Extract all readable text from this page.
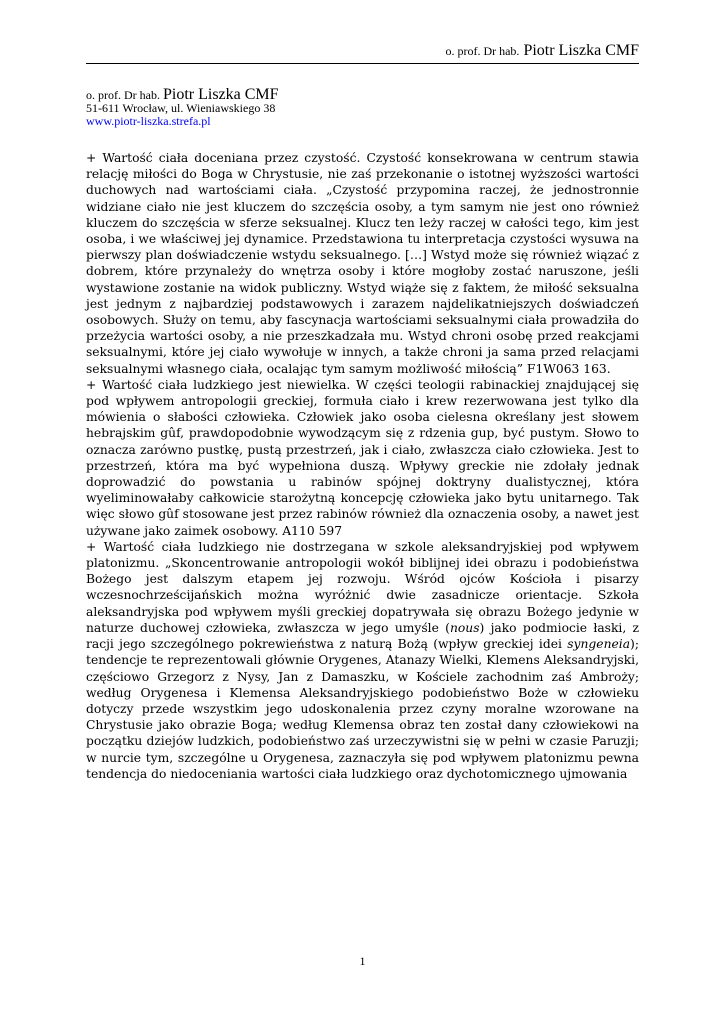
o. prof. Dr hab. Piotr Liszka CMF
o. prof. Dr hab. Piotr Liszka CMF
51-611 Wrocław, ul. Wieniawskiego 38
www.piotr-liszka.strefa.pl

+ Wartość ciała doceniana przez czystość. Czystość konsekrowana w centrum stawia relację miłości do Boga w Chrystusie, nie zaś przekonanie o istotnej wyższości wartości duchowych nad wartościami ciała. „Czystość przypomina raczej, że jednostronnie widziane ciało nie jest kluczem do szczęścia osoby, a tym samym nie jest ono również kluczem do szczęścia w sferze seksualnej. Klucz ten leży raczej w całości tego, kim jest osoba, i we właściwej jej dynamice. Przedstawiona tu interpretacja czystości wysuwa na pierwszy plan doświadczenie wstydu seksualnego. […] Wstyd może się również wiązać z dobrem, które przynależy do wnętrza osoby i które mogłoby zostać naruszone, jeśli wystawione zostanie na widok publiczny. Wstyd wiąże się z faktem, że miłość seksualna jest jednym z najbardziej podstawowych i zarazem najdelikatniejszych doświadczeń osobowych. Służy on temu, aby fascynacja wartościami seksualnymi ciała prowadziła do przeżycia wartości osoby, a nie przeszkadzała mu. Wstyd chroni osobę przed reakcjami seksualnymi, które jej ciało wywołuje w innych, a także chroni ja sama przed relacjami seksualnymi własnego ciała, ocalając tym samym możliwość miłością” F1W063 163.

+ Wartość ciała ludzkiego jest niewielka. W części teologii rabinackiej znajdującej się pod wpływem antropologii greckiej, formuła ciało i krew rezerwowana jest tylko dla mówienia o słabości człowieka. Człowiek jako osoba cielesna określany jest słowem hebrajskim gûf, prawdopodobnie wywodzącym się z rdzenia gup, być pustym. Słowo to oznacza zarówno pustkę, pustą przestrzeń, jak i ciało, zwłaszcza ciało człowieka. Jest to przestrzeń, która ma być wypełniona duszą. Wpływy greckie nie zdołały jednak doprowadzić do powstania u rabinów spójnej doktryny dualistycznej, która wyeliminowałaby całkowicie starożytną koncepcję człowieka jako bytu unitarnego. Tak więc słowo gûf stosowane jest przez rabinów również dla oznaczenia osoby, a nawet jest używane jako zaimek osobowy. A110 597

+ Wartość ciała ludzkiego nie dostrzegana w szkole aleksandryjskiej pod wpływem platonizmu. „Skoncentrowanie antropologii wokół biblijnej idei obrazu i podobieństwa Bożego jest dalszym etapem jej rozwoju. Wśród ojców Kościoła i pisarzy wczesnochrześcijańskich można wyróżnić dwie zasadnicze orientacje. Szkoła aleksandryjska pod wpływem myśli greckiej dopatrywała się obrazu Bożego jedynie w naturze duchowej człowieka, zwłaszcza w jego umyśle (nous) jako podmiocie łaski, z racji jego szczególnego pokrewieństwa z naturą Bożą (wpływ greckiej idei syngeneia); tendencje te reprezentowali głównie Orygenes, Atanazy Wielki, Klemens Aleksandryjski, częściowo Grzegorz z Nysy, Jan z Damaszku, w Kościele zachodnim zaś Ambroży; według Orygenesa i Klemensa Aleksandryjskiego podobieństwo Boże w człowieku dotyczy przede wszystkim jego udoskonalenia przez czyny moralne wzorowane na Chrystusie jako obrazie Boga; według Klemensa obraz ten został dany człowiekowi na początku dziejów ludzkich, podobieństwo zaś urzeczywistni się w pełni w czasie Paruzji; w nurcie tym, szczególne u Orygenesa, zaznaczyła się pod wpływem platonizmu pewna tendencja do niedoceniania wartości ciała ludzkiego oraz dychotomicznego ujmowania

1
